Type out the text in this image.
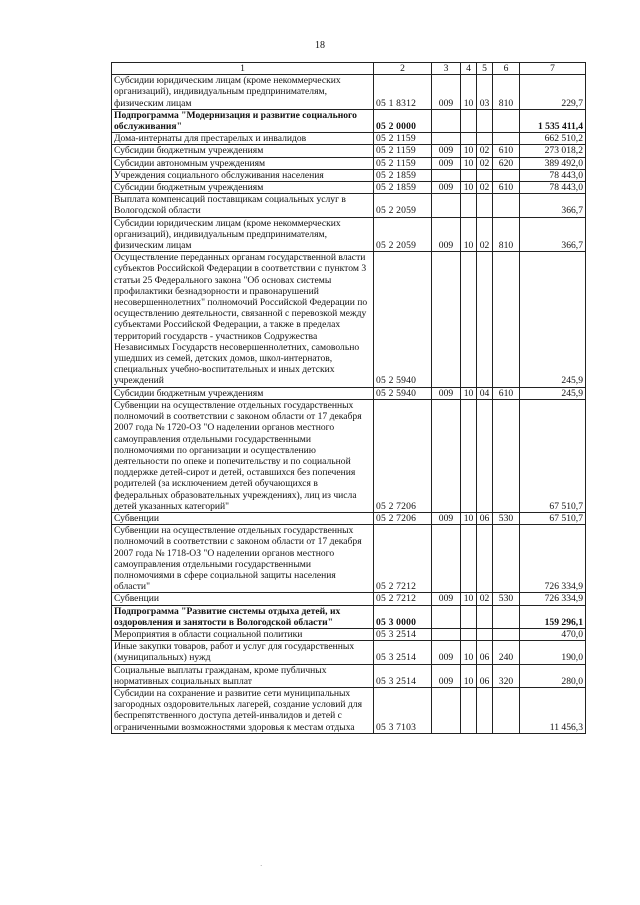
18
1	2	3	4	5	6	7
Субсидии юридическим лицам (кроме некоммерческих организаций), индивидуальным предпринимателям, физическим лицам	05 1 8312	009	10	03	810	229,7
Подпрограмма "Модернизация и развитие социального обслуживания"	05 2 0000					1 535 411,4
Дома-интернаты для престарелых и инвалидов	05 2 1159					662 510,2
Субсидии бюджетным учреждениям	05 2 1159	009	10	02	610	273 018,2
Субсидии автономным учреждениям	05 2 1159	009	10	02	620	389 492,0
Учреждения социального обслуживания населения	05 2 1859					78 443,0
Субсидии бюджетным учреждениям	05 2 1859	009	10	02	610	78 443,0
Выплата компенсаций поставщикам социальных услуг в Вологодской области	05 2 2059					366,7
Субсидии юридическим лицам (кроме некоммерческих организаций), индивидуальным предпринимателям, физическим лицам	05 2 2059	009	10	02	810	366,7
Осуществление переданных органам государственной власти субъектов Российской Федерации в соответствии с пунктом 3 статьи 25 Федерального закона "Об основах системы профилактики безнадзорности и правонарушений несовершеннолетних" полномочий Российской Федерации по осуществлению деятельности, связанной с перевозкой между субъектами Российской Федерации, а также в пределах территорий государств - участников Содружества Независимых Государств несовершеннолетних, самовольно ушедших из семей, детских домов, школ-интернатов, специальных учебно-воспитательных и иных детских учреждений	05 2 5940					245,9
Субсидии бюджетным учреждениям	05 2 5940	009	10	04	610	245,9
Субвенции на осуществление отдельных государственных полномочий в соответствии с законом области от 17 декабря 2007 года № 1720-ОЗ "О наделении органов местного самоуправления отдельными государственными полномочиями по организации и осуществлению деятельности по опеке и попечительству и по социальной поддержке детей-сирот и детей, оставшихся без попечения родителей (за исключением детей обучающихся в федеральных образовательных учреждениях), лиц из числа детей указанных категорий"	05 2 7206					67 510,7
Субвенции	05 2 7206	009	10	06	530	67 510,7
Субвенции на осуществление отдельных государственных полномочий в соответствии с законом области от 17 декабря 2007 года № 1718-ОЗ "О наделении органов местного самоуправления отдельными государственными полномочиями в сфере социальной защиты населения области"	05 2 7212					726 334,9
Субвенции	05 2 7212	009	10	02	530	726 334,9
Подпрограмма "Развитие системы отдыха детей, их оздоровления и занятости в Вологодской области"	05 3 0000					159 296,1
Мероприятия в области социальной политики	05 3 2514					470,0
Иные закупки товаров, работ и услуг для государственных (муниципальных) нужд	05 3 2514	009	10	06	240	190,0
Социальные выплаты гражданам, кроме публичных нормативных социальных выплат	05 3 2514	009	10	06	320	280,0
Субсидии на сохранение и развитие сети муниципальных загородных оздоровительных лагерей, создание условий для беспрепятственного доступа детей-инвалидов и детей с ограниченными возможностями здоровья к местам отдыха	05 3 7103					11 456,3
·
